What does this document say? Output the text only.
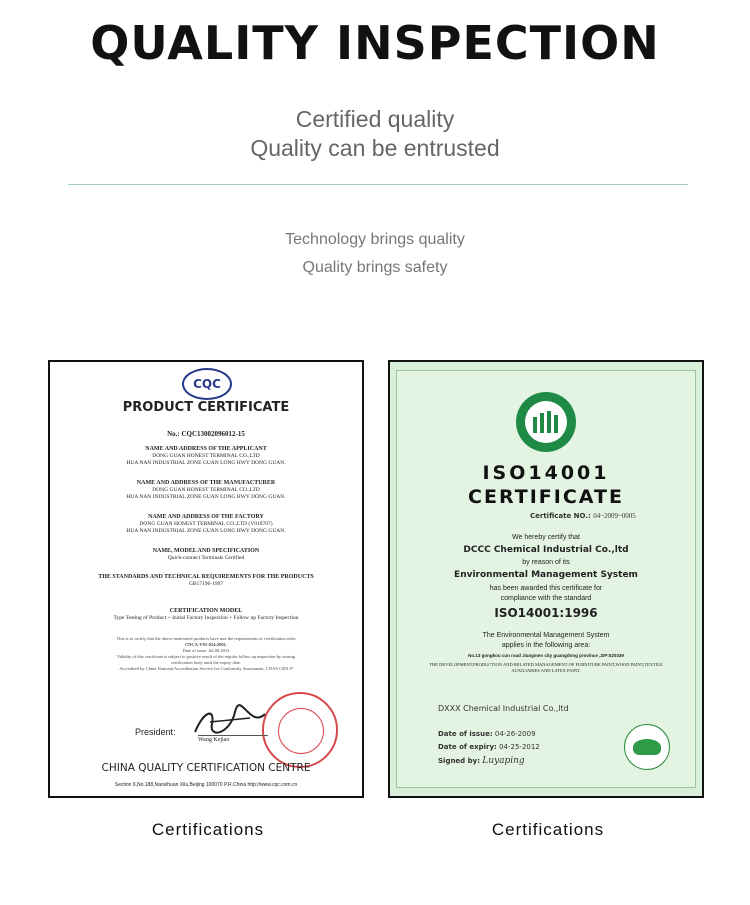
QUALITY INSPECTION
Certified quality
Quality can be entrusted
Technology brings quality
Quality brings safety
CQC
PRODUCT CERTIFICATE
No.: CQC13002096012-15
NAME AND ADDRESS OF THE APPLICANT
DONG GUAN HONEST TERMINAL CO.,LTD
HUA NAN INDUSTRIAL ZONE GUAN LONG HWY DONG GUAN.
NAME AND ADDRESS OF THE MANUFACTURER
DONG GUAN HONEST TERMINAL CO.,LTD
HUA NAN INDUSTRIAL ZONE GUAN LONG HWY DONG GUAN.
NAME AND ADDRESS OF THE FACTORY
DONG GUAN HONEST TERMINAL CO.,LTD (V018707)
HUA NAN INDUSTRIAL ZONE GUAN LONG HWY DONG GUAN.
NAME, MODEL AND SPECIFICATION
Quick-connect Terminals Certified
THE STANDARDS AND TECHNICAL REQUIREMENTS FOR THE PRODUCTS
GB17196-1997
CERTIFICATION MODEL
Type Testing of Product + Initial Factory Inspection + Follow up Factory Inspection
This is to certify that the above mentioned products have met the requirements of certification rules
CNCA-V01-014:2001.
Date of issue: Jul.09.2013
Validity of this certificate is subject to positive result of the regular follow up inspection by issuing
certification body until the expiry date.
Accredited by China National Accreditation Service for Conformity Assessment, CNAS C001-P
President:
Wang Kejiao
CHINA QUALITY CERTIFICATION CENTRE
Section 9,No.188,Nansihuan Xilu,Beijing 100070 P.R.China http://www.cqc.com.cn
ISO14001
CERTIFICATE
Certificate NO.: 04~2009~0005
We hereby certify that
DCCC Chemical Industrial Co.,ltd
by reason of its
Environmental Management System
has been awarded this certificate for
compliance with the standard
ISO14001:1996
The Environmental Management System
applies in the following area:
No.13 gongkou cun road Jiangmen city guangdong province ,ZIP:520339
THE DEVELOPMENT,PRODUCTION AND RELATED MANAGEMENT OF FURNITURE PAINT,WOOD PAINT,TEXTILE AUXILIARIES AND LATEX PAINT.
DXXX Chemical Industrial Co.,ltd
Date of issue: 04-26-2009
Date of expiry: 04-25-2012
Signed by: Luyaping
Certifications	Certifications
